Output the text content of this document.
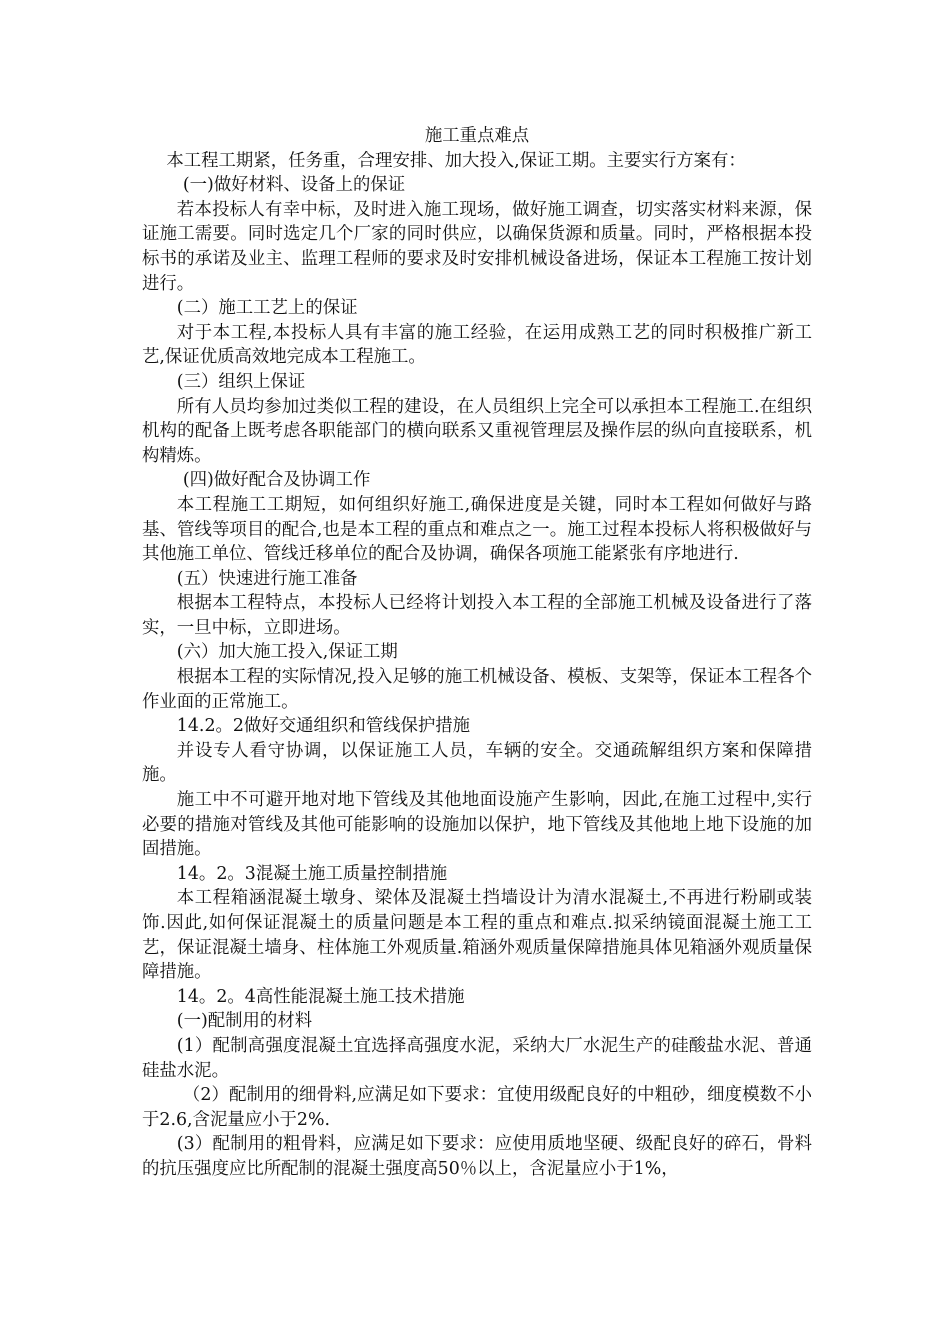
施工重点难点

本工程工期紧，任务重，合理安排、加大投入,保证工期。主要实行方案有：

(一)做好材料、设备上的保证

若本投标人有幸中标，及时进入施工现场，做好施工调查，切实落实材料来源，保证施工需要。同时选定几个厂家的同时供应，以确保货源和质量。同时，严格根据本投标书的承诺及业主、监理工程师的要求及时安排机械设备进场，保证本工程施工按计划进行。

(二）施工工艺上的保证

对于本工程,本投标人具有丰富的施工经验，在运用成熟工艺的同时积极推广新工艺,保证优质高效地完成本工程施工。

(三）组织上保证

所有人员均参加过类似工程的建设，在人员组织上完全可以承担本工程施工.在组织机构的配备上既考虑各职能部门的横向联系又重视管理层及操作层的纵向直接联系，机构精炼。

(四)做好配合及协调工作

本工程施工工期短，如何组织好施工,确保进度是关键，同时本工程如何做好与路基、管线等项目的配合,也是本工程的重点和难点之一。施工过程本投标人将积极做好与其他施工单位、管线迁移单位的配合及协调，确保各项施工能紧张有序地进行.

(五）快速进行施工准备

根据本工程特点，本投标人已经将计划投入本工程的全部施工机械及设备进行了落实，一旦中标，立即进场。

(六）加大施工投入,保证工期

根据本工程的实际情况,投入足够的施工机械设备、模板、支架等，保证本工程各个作业面的正常施工。

14.2。2做好交通组织和管线保护措施

并设专人看守协调，以保证施工人员，车辆的安全。交通疏解组织方案和保障措施。

施工中不可避开地对地下管线及其他地面设施产生影响，因此,在施工过程中,实行必要的措施对管线及其他可能影响的设施加以保护，地下管线及其他地上地下设施的加固措施。

14。2。3混凝土施工质量控制措施

本工程箱涵混凝土墩身、梁体及混凝土挡墙设计为清水混凝土,不再进行粉刷或装饰.因此,如何保证混凝土的质量问题是本工程的重点和难点.拟采纳镜面混凝土施工工艺，保证混凝土墙身、柱体施工外观质量.箱涵外观质量保障措施具体见箱涵外观质量保障措施。

14。2。4高性能混凝土施工技术措施

(一)配制用的材料

(1）配制高强度混凝土宜选择高强度水泥，采纳大厂水泥生产的硅酸盐水泥、普通硅盐水泥。

（2）配制用的细骨料,应满足如下要求：宜使用级配良好的中粗砂，细度模数不小于2.6,含泥量应小于2%.

(3）配制用的粗骨料，应满足如下要求：应使用质地坚硬、级配良好的碎石，骨料的抗压强度应比所配制的混凝土强度高50％以上，含泥量应小于1%，
